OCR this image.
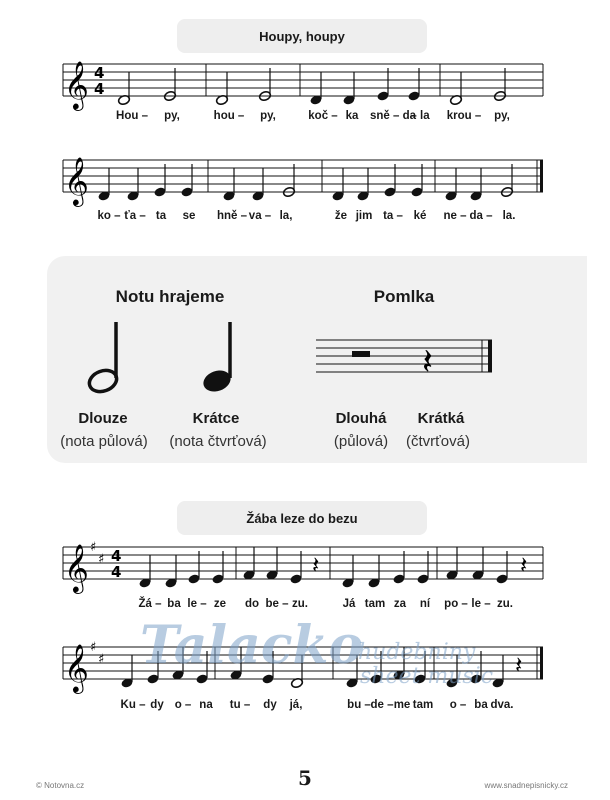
Houpy, houpy
𝄞 4
4
Hou – py,	hou – py,	koč – ka sně – da
– la krou – py,
𝄞
ko – ťa – ta se hně – va – la,	že jim ta – ké ne – da – la.
Notu hrajeme	Pomlka
𝄽
Dlouze
(nota půlová)
Krátce
(nota čtvrťová)
Dlouhá
(půlová)
Krátká
(čtvrťová)
Žába leze do bezu
𝄞 ♯
♯ 4
4	𝄽	𝄽
Žá – ba le – ze do be – zu.	Já tam za ní po – le – zu.
𝄞 ♯
♯	𝄽
Ku – dy o – na tu – dy já,	bu – de – me tam o – ba dva.
Talacko
hudebniny
sheet music
© Notovna.cz	5	www.snadnepisnicky.cz
